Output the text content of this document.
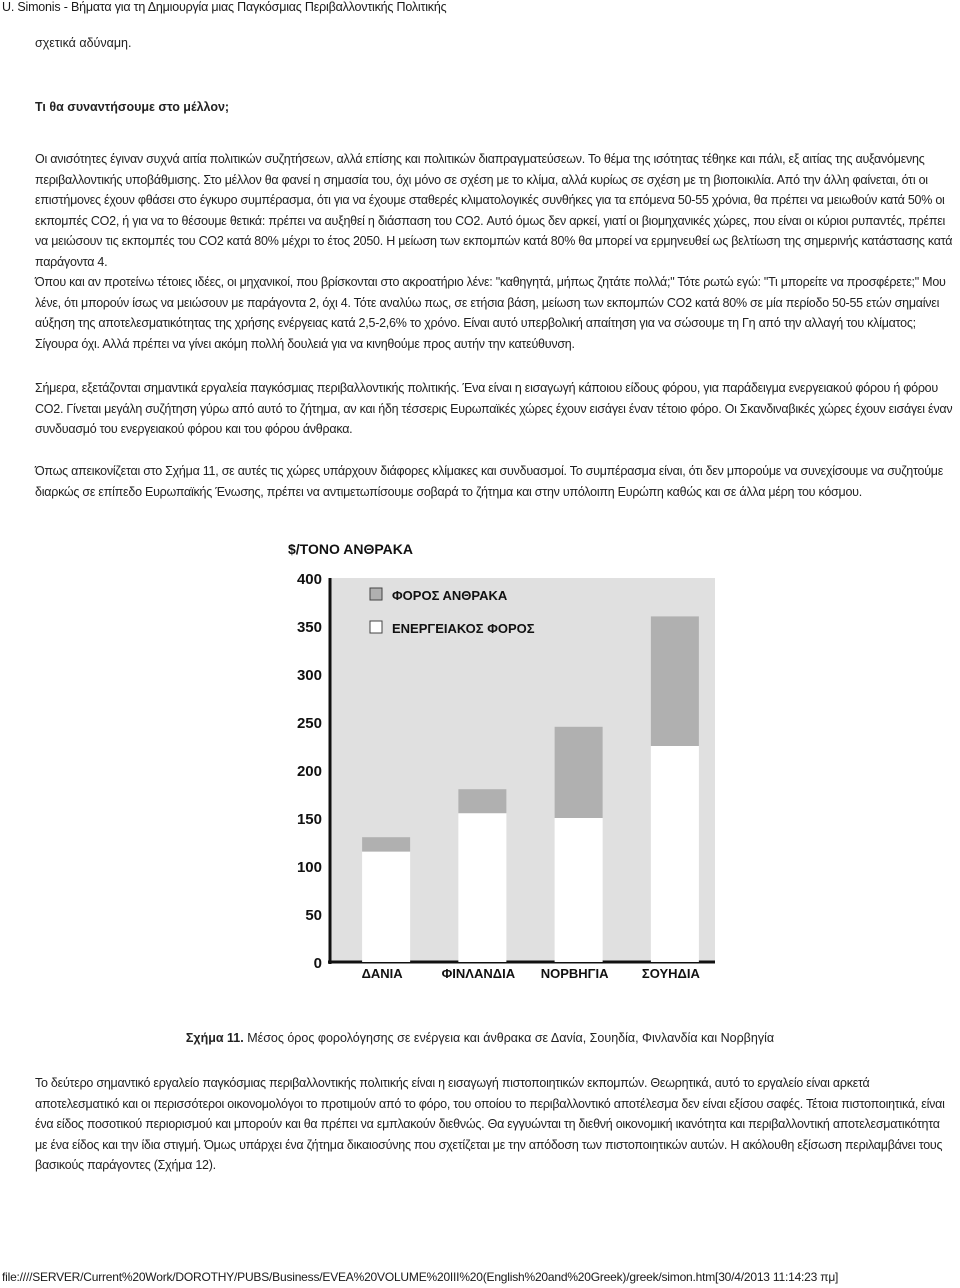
U. Simonis - Βήματα για τη Δημιουργία μιας Παγκόσμιας Περιβαλλοντικής Πολιτικής
σχετικά αδύναμη.
Τι θα συναντήσουμε στο μέλλον;

Οι ανισότητες έγιναν συχνά αιτία πολιτικών συζητήσεων, αλλά επίσης και πολιτικών διαπραγματεύσεων. Το θέμα της ισότητας τέθηκε και πάλι, εξ αιτίας της αυξανόμενης περιβαλλοντικής υποβάθμισης. Στο μέλλον θα φανεί η σημασία του, όχι μόνο σε σχέση με το κλίμα, αλλά κυρίως σε σχέση με τη βιοποικιλία. Από την άλλη φαίνεται, ότι οι επιστήμονες έχουν φθάσει στο έγκυρο συμπέρασμα, ότι για να έχουμε σταθερές κλιματολογικές συνθήκες για τα επόμενα 50-55 χρόνια, θα πρέπει να μειωθούν κατά 50% οι εκπομπές CO2, ή για να το θέσουμε θετικά: πρέπει να αυξηθεί η διάσπαση του CO2. Αυτό όμως δεν αρκεί, γιατί οι βιομηχανικές χώρες, που είναι οι κύριοι ρυπαντές, πρέπει να μειώσουν τις εκπομπές του CO2 κατά 80% μέχρι το έτος 2050. Η μείωση των εκπομπών κατά 80% θα μπορεί να ερμηνευθεί ως βελτίωση της σημερινής κατάστασης κατά παράγοντα 4.

Όπου και αν προτείνω τέτοιες ιδέες, οι μηχανικοί, που βρίσκονται στο ακροατήριο λένε: "καθηγητά, μήπως ζητάτε πολλά;" Τότε ρωτώ εγώ: "Τι μπορείτε να προσφέρετε;" Μου λένε, ότι μπορούν ίσως να μειώσουν με παράγοντα 2, όχι 4. Τότε αναλύω πως, σε ετήσια βάση, μείωση των εκπομπών CO2 κατά 80% σε μία περίοδο 50-55 ετών σημαίνει αύξηση της αποτελεσματικότητας της χρήσης ενέργειας κατά 2,5-2,6% το χρόνο. Είναι αυτό υπερβολική απαίτηση για να σώσουμε τη Γη από την αλλαγή του κλίματος; Σίγουρα όχι. Αλλά πρέπει να γίνει ακόμη πολλή δουλειά για να κινηθούμε προς αυτήν την κατεύθυνση.

Σήμερα, εξετάζονται σημαντικά εργαλεία παγκόσμιας περιβαλλοντικής πολιτικής. Ένα είναι η εισαγωγή κάποιου είδους φόρου, για παράδειγμα ενεργειακού φόρου ή φόρου CO2. Γίνεται μεγάλη συζήτηση γύρω από αυτό το ζήτημα, αν και ήδη τέσσερις Ευρωπαϊκές χώρες έχουν εισάγει έναν τέτοιο φόρο. Οι Σκανδιναβικές χώρες έχουν εισάγει έναν συνδυασμό του ενεργειακού φόρου και του φόρου άνθρακα.

Όπως απεικονίζεται στο Σχήμα 11, σε αυτές τις χώρες υπάρχουν διάφορες κλίμακες και συνδυασμοί. Το συμπέρασμα είναι, ότι δεν μπορούμε να συνεχίσουμε να συζητούμε διαρκώς σε επίπεδο Ευρωπαϊκής Ένωσης, πρέπει να αντιμετωπίσουμε σοβαρά το ζήτημα και στην υπόλοιπη Ευρώπη καθώς και σε άλλα μέρη του κόσμου.

$/ΤΟΝΟ ΑΝΘΡΑΚΑ
0
50
100
150
200
250
300
350
400
ΔΑΝΙΑ	ΦΙΝΛΑΝΔΙΑ ΝΟΡΒΗΓΙΑ	ΣΟΥΗΔΙΑ
ΦΟΡΟΣ ΑΝΘΡΑΚΑ
ΕΝΕΡΓΕΙΑΚΟΣ ΦΟΡΟΣ
Σχήμα 11. Μέσος όρος φορολόγησης σε ενέργεια και άνθρακα σε Δανία, Σουηδία, Φινλανδία και Νορβηγία

Το δεύτερο σημαντικό εργαλείο παγκόσμιας περιβαλλοντικής πολιτικής είναι η εισαγωγή πιστοποιητικών εκπομπών. Θεωρητικά, αυτό το εργαλείο είναι αρκετά αποτελεσματικό και οι περισσότεροι οικονομολόγοι το προτιμούν από το φόρο, του οποίου το περιβαλλοντικό αποτέλεσμα δεν είναι εξίσου σαφές. Τέτοια πιστοποιητικά, είναι ένα είδος ποσοτικού περιορισμού και μπορούν και θα πρέπει να εμπλακούν διεθνώς. Θα εγγυώνται τη διεθνή οικονομική ικανότητα και περιβαλλοντική αποτελεσματικότητα με ένα είδος και την ίδια στιγμή. Όμως υπάρχει ένα ζήτημα δικαιοσύνης που σχετίζεται με την απόδοση των πιστοποιητικών αυτών. Η ακόλουθη εξίσωση περιλαμβάνει τους βασικούς παράγοντες (Σχήμα 12).

file:////SERVER/Current%20Work/DOROTHY/PUBS/Business/EVEA%20VOLUME%20III%20(English%20and%20Greek)/greek/simon.htm[30/4/2013 11:14:23 πμ]
